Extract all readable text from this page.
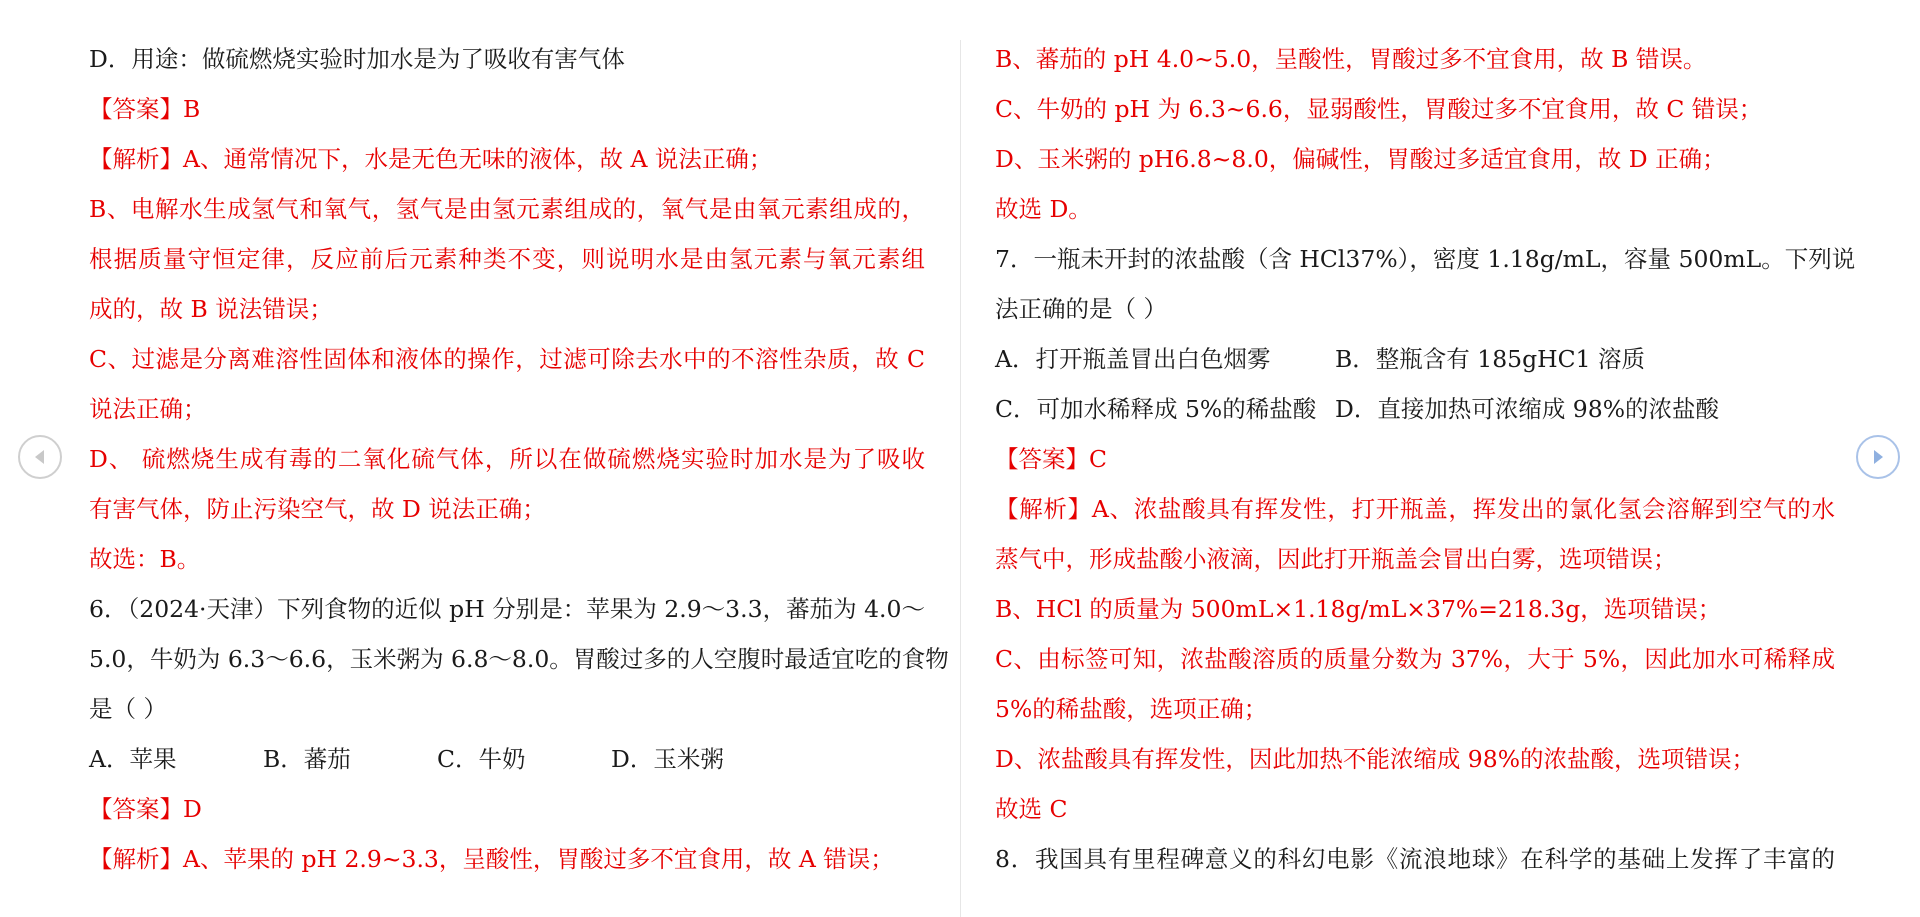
D．用途：做硫燃烧实验时加水是为了吸收有害气体
【答案】B
【解析】A、通常情况下，水是无色无味的液体，故 A 说法正确；
B、电解水生成氢气和氧气，氢气是由氢元素组成的，氧气是由氧元素组成的，
根据质量守恒定律，反应前后元素种类不变，则说明水是由氢元素与氧元素组
成的，故 B 说法错误；
C、过滤是分离难溶性固体和液体的操作，过滤可除去水中的不溶性杂质，故 C
说法正确；
D、 硫燃烧生成有毒的二氧化硫气体，所以在做硫燃烧实验时加水是为了吸收
有害气体，防止污染空气，故 D 说法正确；
故选：B。
6．（2024·天津）下列食物的近似 pH 分别是：苹果为 2.9～3.3，蕃茄为 4.0～
5.0，牛奶为 6.3～6.6，玉米粥为 6.8～8.0。胃酸过多的人空腹时最适宜吃的食物
是（ ）
A．苹果	B．蕃茄	C．牛奶	D．玉米粥
【答案】D
【解析】A、苹果的 pH 2.9~3.3，呈酸性，胃酸过多不宜食用，故 A 错误；
B、蕃茄的 pH 4.0~5.0，呈酸性，胃酸过多不宜食用，故 B 错误。
C、牛奶的 pH 为 6.3~6.6，显弱酸性，胃酸过多不宜食用，故 C 错误；
D、玉米粥的 pH6.8~8.0，偏碱性，胃酸过多适宜食用，故 D 正确；
故选 D。
7．一瓶未开封的浓盐酸（含 HCl37%），密度 1.18g/mL，容量 500mL。下列说
法正确的是（ ）
A．打开瓶盖冒出白色烟雾	B．整瓶含有 185gHC1 溶质
C．可加水稀释成 5%的稀盐酸 D．直接加热可浓缩成 98%的浓盐酸
【答案】C
【解析】A、浓盐酸具有挥发性，打开瓶盖，挥发出的氯化氢会溶解到空气的水
蒸气中，形成盐酸小液滴，因此打开瓶盖会冒出白雾，选项错误；
B、HCl 的质量为 500mL×1.18g/mL×37%=218.3g，选项错误；
C、由标签可知，浓盐酸溶质的质量分数为 37%，大于 5%，因此加水可稀释成
5%的稀盐酸，选项正确；
D、浓盐酸具有挥发性，因此加热不能浓缩成 98%的浓盐酸，选项错误；
故选 C
8．我国具有里程碑意义的科幻电影《流浪地球》在科学的基础上发挥了丰富的
